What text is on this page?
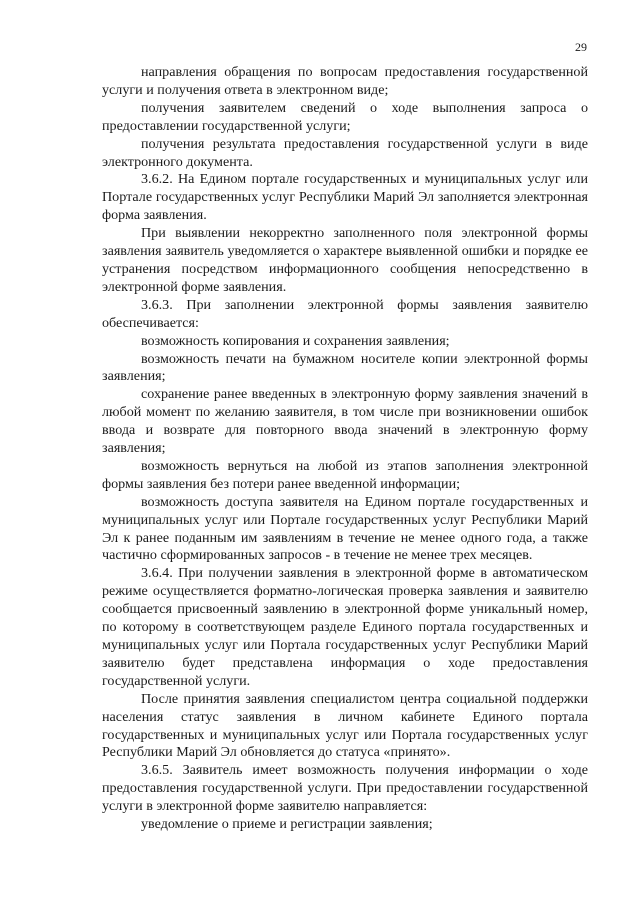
29

направления обращения по вопросам предоставления государственной услуги и получения ответа в электронном виде;

получения заявителем сведений о ходе выполнения запроса о предоставлении государственной услуги;

получения результата предоставления государственной услуги в виде электронного документа.

3.6.2. На Едином портале государственных и муниципальных услуг или Портале государственных услуг Республики Марий Эл заполняется электронная форма заявления.

При выявлении некорректно заполненного поля электронной формы заявления заявитель уведомляется о характере выявленной ошибки и порядке ее устранения посредством информационного сообщения непосредственно в электронной форме заявления.

3.6.3. При заполнении электронной формы заявления заявителю обеспечивается:

возможность копирования и сохранения заявления;

возможность печати на бумажном носителе копии электронной формы заявления;

сохранение ранее введенных в электронную форму заявления значений в любой момент по желанию заявителя, в том числе при возникновении ошибок ввода и возврате для повторного ввода значений в электронную форму заявления;

возможность вернуться на любой из этапов заполнения электронной формы заявления без потери ранее введенной информации;

возможность доступа заявителя на Едином портале государственных и муниципальных услуг или Портале государственных услуг Республики Марий Эл к ранее поданным им заявлениям в течение не менее одного года, а также частично сформированных запросов - в течение не менее трех месяцев.

3.6.4. При получении заявления в электронной форме в автоматическом режиме осуществляется форматно-логическая проверка заявления и заявителю сообщается присвоенный заявлению в электронной форме уникальный номер, по которому в соответствующем разделе Единого портала государственных и муниципальных услуг или Портала государственных услуг Республики Марий заявителю будет представлена информация о ходе предоставления государственной услуги.

После принятия заявления специалистом центра социальной поддержки населения статус заявления в личном кабинете Единого портала государственных и муниципальных услуг или Портала государственных услуг Республики Марий Эл обновляется до статуса «принято».

3.6.5. Заявитель имеет возможность получения информации о ходе предоставления государственной услуги. При предоставлении государственной услуги в электронной форме заявителю направляется:

уведомление о приеме и регистрации заявления;
